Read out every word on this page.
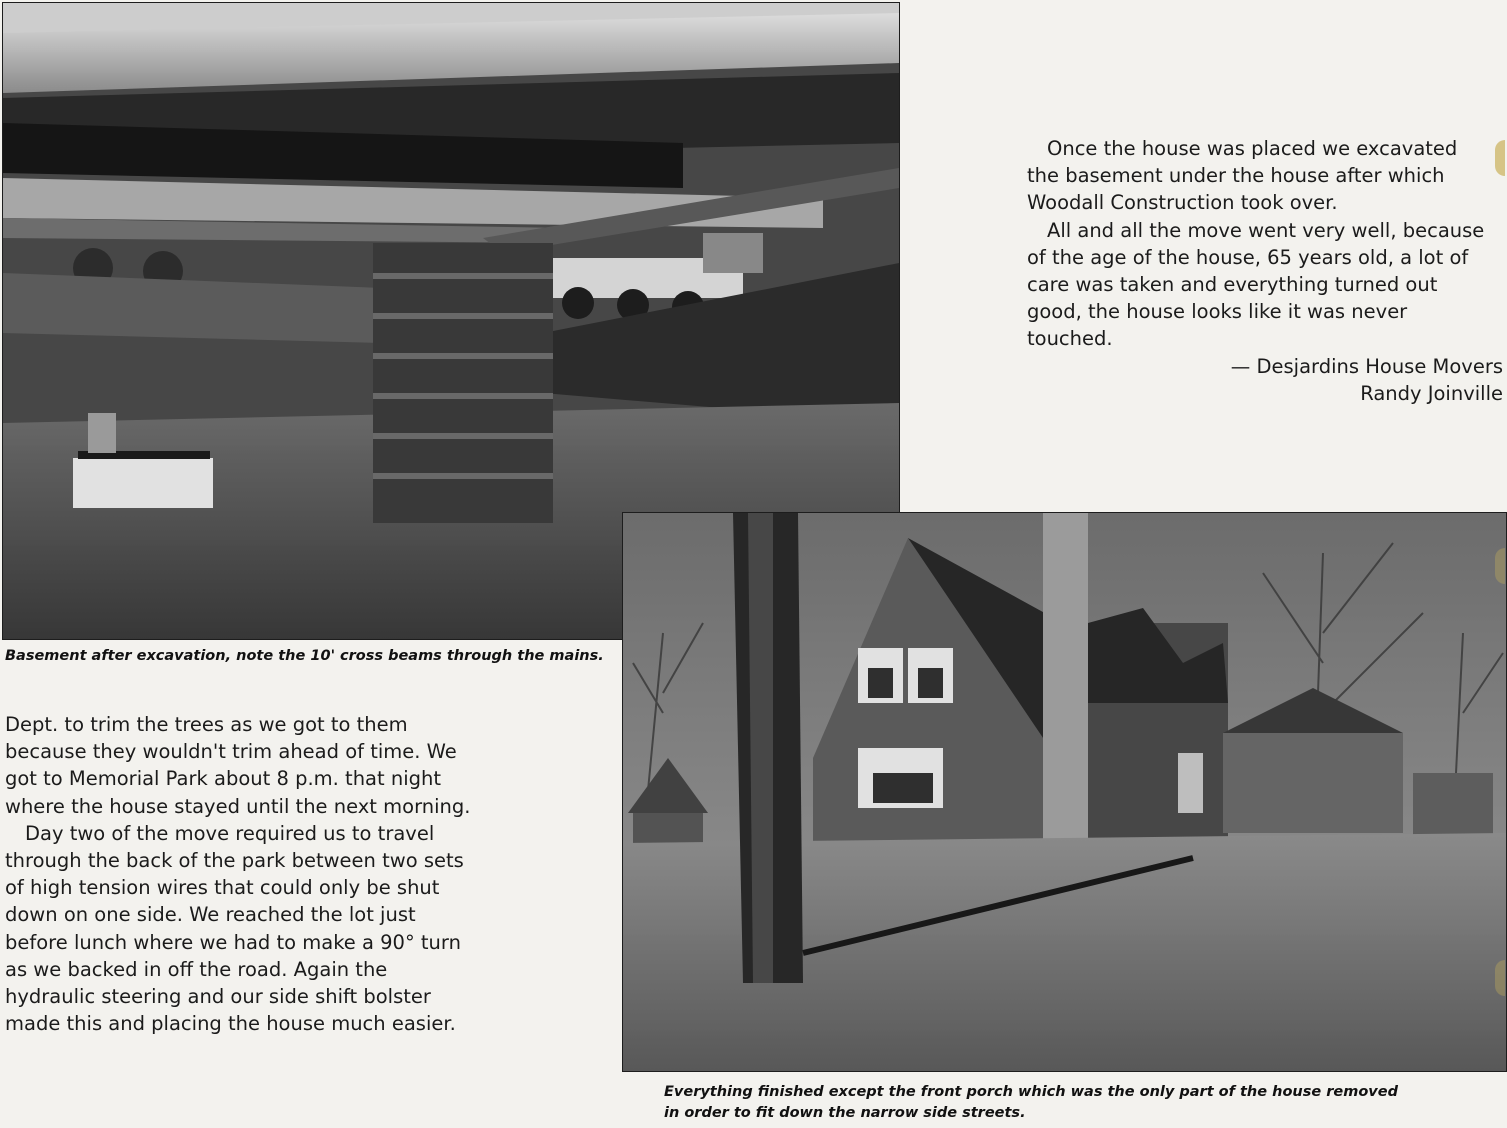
Basement after excavation, note the 10' cross beams through the mains.

Once the house was placed we excavated

the basement under the house after which

Woodall Construction took over.

All and all the move went very well, because

of the age of the house, 65 years old, a lot of

care was taken and everything turned out

good, the house looks like it was never

touched.

— Desjardins House Movers

Randy Joinville

Dept. to trim the trees as we got to them

because they wouldn't trim ahead of time. We

got to Memorial Park about 8 p.m. that night

where the house stayed until the next morning.

Day two of the move required us to travel

through the back of the park between two sets

of high tension wires that could only be shut

down on one side. We reached the lot just

before lunch where we had to make a 90° turn

as we backed in off the road. Again the

hydraulic steering and our side shift bolster

made this and placing the house much easier.

Everything finished except the front porch which was the only part of the house removed
in order to fit down the narrow side streets.
